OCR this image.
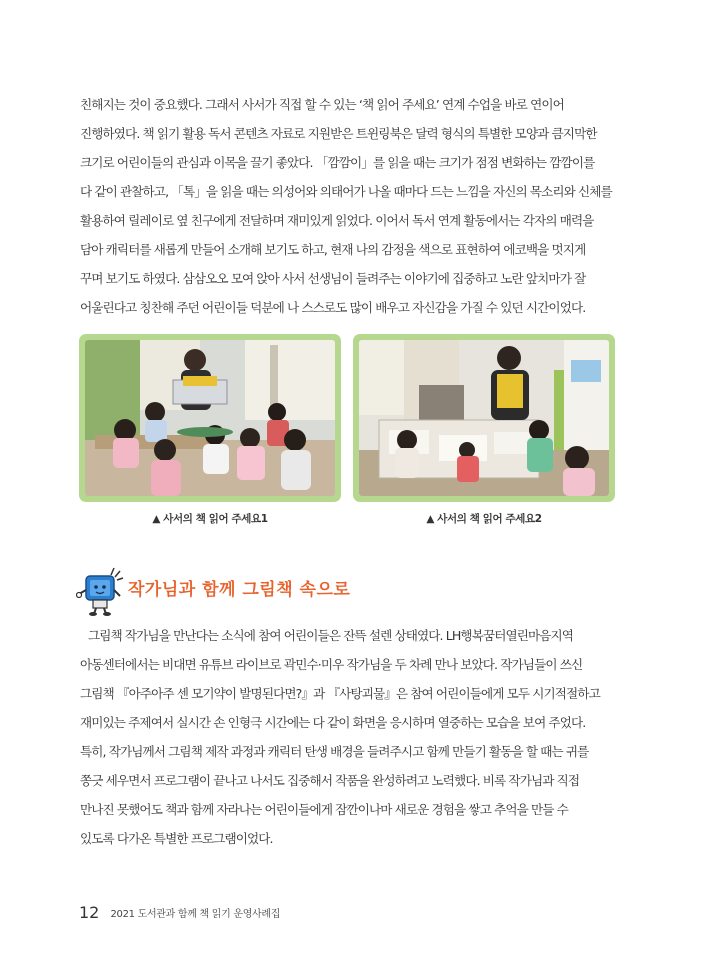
친해지는 것이 중요했다. 그래서 사서가 직접 할 수 있는 ‘책 읽어 주세요’ 연계 수업을 바로 연이어
진행하였다. 책 읽기 활용 독서 콘텐츠 자료로 지원받은 트윈링북은 달력 형식의 특별한 모양과 큼지막한
크기로 어린이들의 관심과 이목을 끌기 좋았다. 「깜깜이」를 읽을 때는 크기가 점점 변화하는 깜깜이를
다 같이 관찰하고, 「톡」을 읽을 때는 의성어와 의태어가 나올 때마다 드는 느낌을 자신의 목소리와 신체를
활용하여 릴레이로 옆 친구에게 전달하며 재미있게 읽었다. 이어서 독서 연계 활동에서는 각자의 매력을
담아 캐릭터를 새롭게 만들어 소개해 보기도 하고, 현재 나의 감정을 색으로 표현하여 에코백을 멋지게
꾸며 보기도 하였다. 삼삼오오 모여 앉아 사서 선생님이 들려주는 이야기에 집중하고 노란 앞치마가 잘
어울린다고 칭찬해 주던 어린이들 덕분에 나 스스로도 많이 배우고 자신감을 가질 수 있던 시간이었다.
▲ 사서의 책 읽어 주세요1	▲ 사서의 책 읽어 주세요2
작가님과 함께 그림책 속으로
그림책 작가님을 만난다는 소식에 참여 어린이들은 잔뜩 설렌 상태였다. LH행복꿈터열린마음지역
아동센터에서는 비대면 유튜브 라이브로 곽민수·미우 작가님을 두 차례 만나 보았다. 작가님들이 쓰신
그림책 『아주아주 센 모기약이 발명된다면?』과 『사탕괴물』은 참여 어린이들에게 모두 시기적절하고
재미있는 주제여서 실시간 손 인형극 시간에는 다 같이 화면을 응시하며 열중하는 모습을 보여 주었다.
특히, 작가님께서 그림책 제작 과정과 캐릭터 탄생 배경을 들려주시고 함께 만들기 활동을 할 때는 귀를
쫑긋 세우면서 프로그램이 끝나고 나서도 집중해서 작품을 완성하려고 노력했다. 비록 작가님과 직접
만나진 못했어도 책과 함께 자라나는 어린이들에게 잠깐이나마 새로운 경험을 쌓고 추억을 만들 수
있도록 다가온 특별한 프로그램이었다.
12 2021 도서관과 함께 책 읽기 운영사례집
